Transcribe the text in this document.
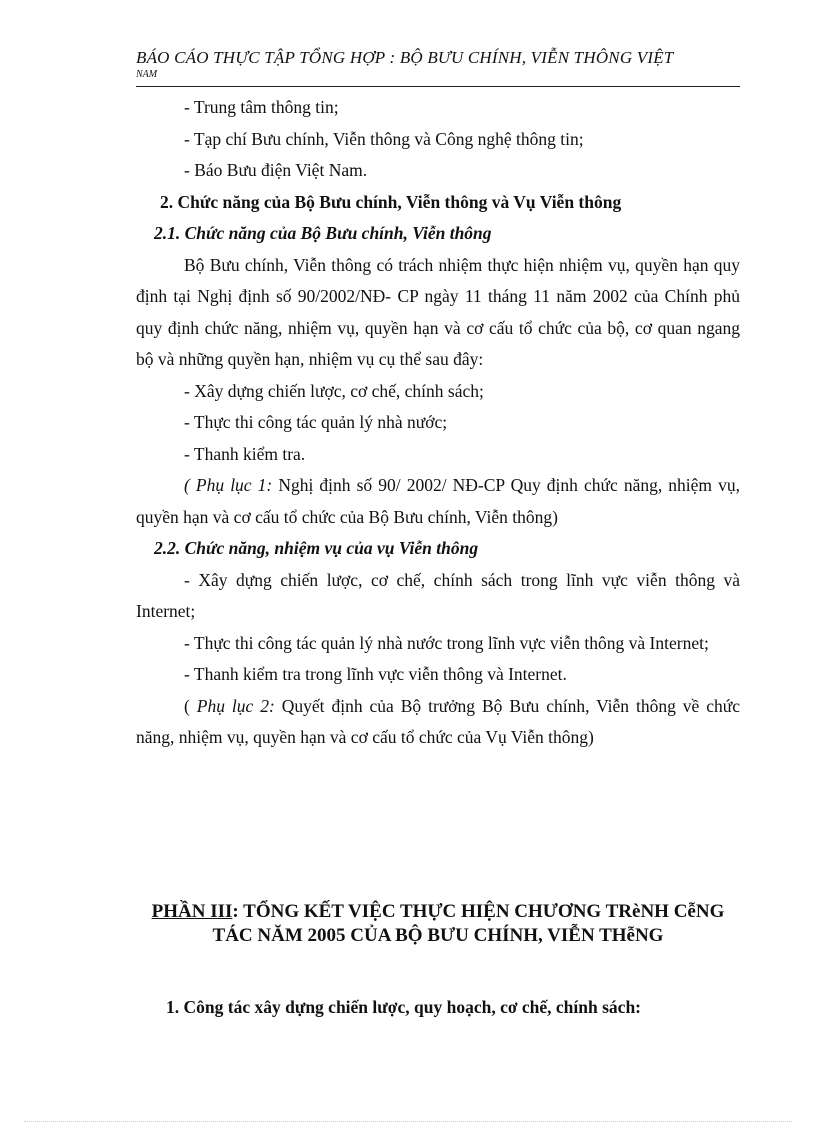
BÁO CÁO THỰC TẬP TỔNG HỢP : BỘ BƯU CHÍNH, VIỄN THÔNG VIỆT
NAM

- Trung tâm thông tin;

- Tạp chí Bưu chính, Viễn thông và Công nghệ thông tin;

- Báo Bưu điện Việt Nam.

2. Chức năng của Bộ Bưu chính, Viễn thông và Vụ Viễn thông

2.1. Chức năng của Bộ Bưu chính, Viễn thông

Bộ Bưu chính, Viễn thông có trách nhiệm thực hiện nhiệm vụ, quyền hạn quy định tại Nghị định số 90/2002/NĐ- CP ngày 11 tháng 11 năm 2002 của Chính phủ quy định chức năng, nhiệm vụ, quyền hạn và cơ cấu tổ chức của bộ, cơ quan ngang bộ và những quyền hạn, nhiệm vụ cụ thể sau đây:

- Xây dựng chiến lược, cơ chế, chính sách;

- Thực thi công tác quản lý nhà nước;

- Thanh kiểm tra.

( Phụ lục 1: Nghị định số 90/ 2002/ NĐ-CP Quy định chức năng, nhiệm vụ, quyền hạn và cơ cấu tổ chức của Bộ Bưu chính, Viễn thông)

2.2. Chức năng, nhiệm vụ của vụ Viễn thông

- Xây dựng chiến lược, cơ chế, chính sách trong lĩnh vực viễn thông và Internet;

- Thực thi công tác quản lý nhà nước trong lĩnh vực viễn thông và Internet;

- Thanh kiểm tra trong lĩnh vực viễn thông và Internet.

( Phụ lục 2: Quyết định của Bộ trưởng Bộ Bưu chính, Viễn thông về chức năng, nhiệm vụ, quyền hạn và cơ cấu tổ chức của Vụ Viễn thông)

PHẦN III: TỔNG KẾT VIỆC THỰC HIỆN CHƯƠNG TRèNH CễNG TÁC NĂM 2005 CỦA BỘ BƯU CHÍNH, VIỄN THễNG
1. Công tác xây dựng chiến lược, quy hoạch, cơ chế, chính sách:
